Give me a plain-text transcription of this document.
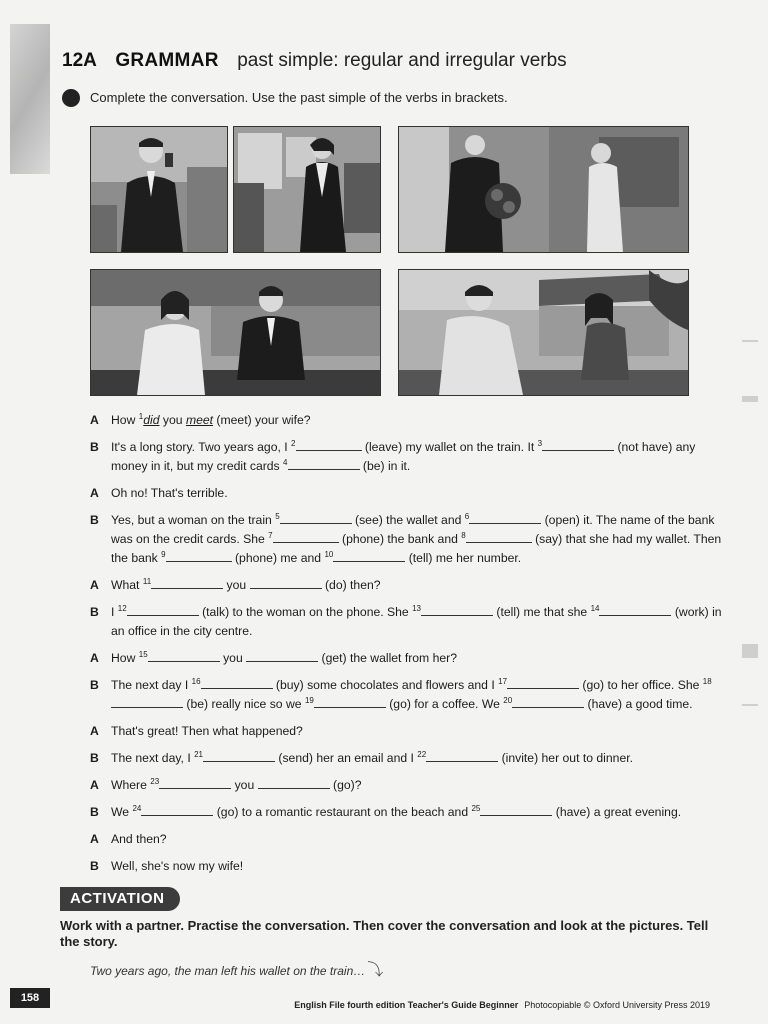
12A GRAMMAR past simple: regular and irregular verbs
Complete the conversation. Use the past simple of the verbs in brackets.
A How $^1$did you meet (meet) your wife?
B It's a long story. Two years ago, I $^2$	(leave) my wallet on the train. It $^3$	(not have) any money in it, but my credit cards $^4$	(be) in it.
A Oh no! That's terrible.
B Yes, but a woman on the train $^5$	(see) the wallet and $^6$	(open) it. The name of the bank was on the credit cards. She $^7$	(phone) the bank and $^8$	(say) that she had my wallet. Then the bank $^9$	(phone) me and $^{10}$	(tell) me her number.
A What $^{11}$	you	(do) then?
B I $^{12}$	(talk) to the woman on the phone. She $^{13}$	(tell) me that she $^{14}$	(work) in an office in the city centre.
A How $^{15}$	you	(get) the wallet from her?
B The next day I $^{16}$	(buy) some chocolates and flowers and I $^{17}$	(go) to her office. She $^{18}$ (be) really nice so we $^{19}$	(go) for a coffee. We $^{20}$	(have) a good time.
A That's great! Then what happened?
B The next day, I $^{21}$	(send) her an email and I $^{22}$	(invite) her out to dinner.
A Where $^{23}$	you	(go)?
B We $^{24}$	(go) to a romantic restaurant on the beach and $^{25}$	(have) a great evening.
A And then?
B Well, she's now my wife!
ACTIVATION
Work with a partner. Practise the conversation. Then cover the conversation and look at the pictures. Tell the story.
Two years ago, the man left his wallet on the train… ⤵
158
English File fourth edition Teacher's Guide Beginner Photocopiable © Oxford University Press 2019
